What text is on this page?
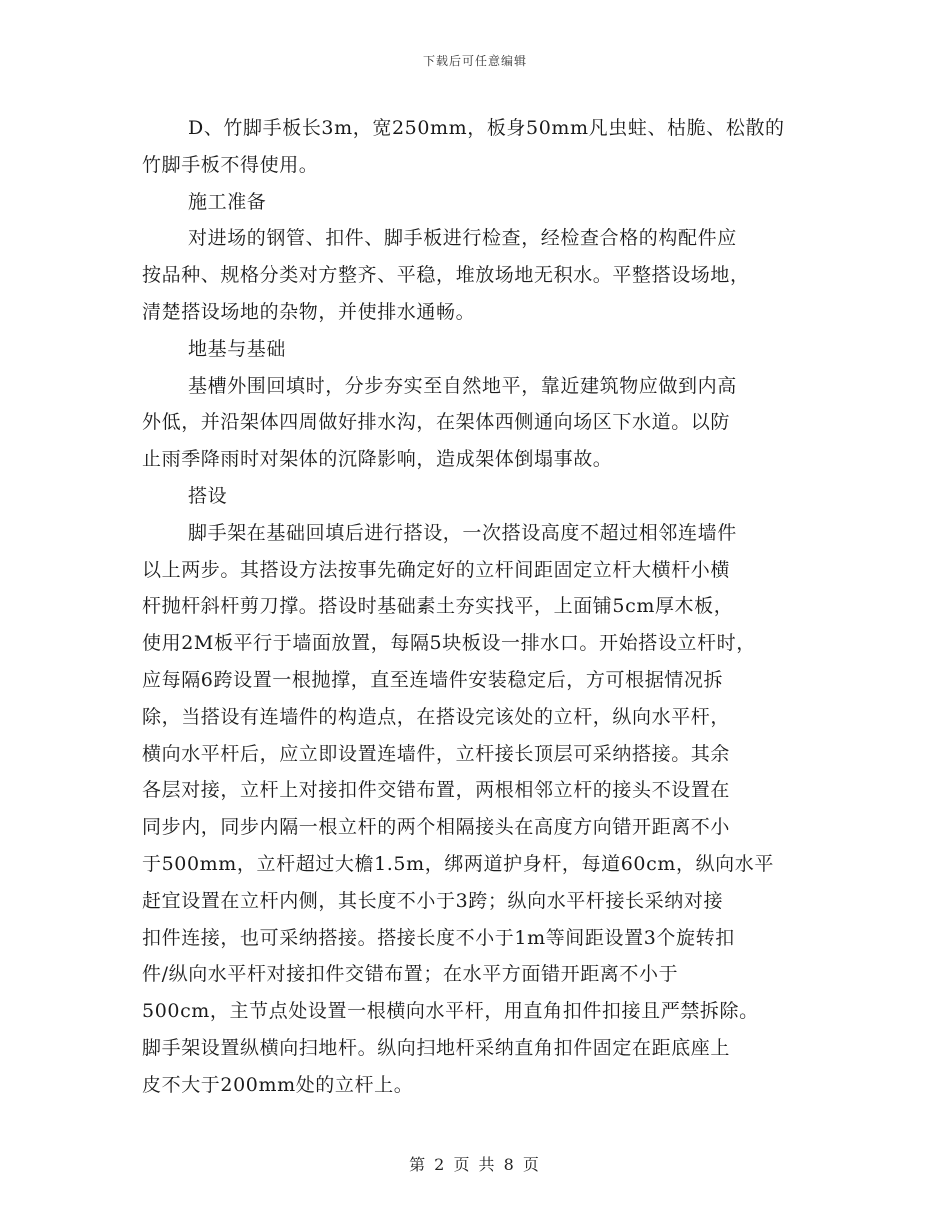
下载后可任意编辑
D、竹脚手板长3m，宽250mm，板身50mm凡虫蛀、枯脆、松散的
竹脚手板不得使用。
施工准备
对进场的钢管、扣件、脚手板进行检查，经检查合格的构配件应
按品种、规格分类对方整齐、平稳，堆放场地无积水。平整搭设场地，
清楚搭设场地的杂物，并使排水通畅。
地基与基础
基槽外围回填时，分步夯实至自然地平，靠近建筑物应做到内高
外低，并沿架体四周做好排水沟，在架体西侧通向场区下水道。以防
止雨季降雨时对架体的沉降影响，造成架体倒塌事故。
搭设
脚手架在基础回填后进行搭设，一次搭设高度不超过相邻连墙件
以上两步。其搭设方法按事先确定好的立杆间距固定立杆大横杆小横
杆抛杆斜杆剪刀撑。搭设时基础素土夯实找平，上面铺5cm厚木板，
使用2M板平行于墙面放置，每隔5块板设一排水口。开始搭设立杆时，
应每隔6跨设置一根抛撑，直至连墙件安装稳定后，方可根据情况拆
除，当搭设有连墙件的构造点，在搭设完该处的立杆，纵向水平杆，
横向水平杆后，应立即设置连墙件，立杆接长顶层可采纳搭接。其余
各层对接，立杆上对接扣件交错布置，两根相邻立杆的接头不设置在
同步内，同步内隔一根立杆的两个相隔接头在高度方向错开距离不小
于500mm，立杆超过大檐1.5m，绑两道护身杆，每道60cm，纵向水平
赶宜设置在立杆内侧，其长度不小于3跨；纵向水平杆接长采纳对接
扣件连接，也可采纳搭接。搭接长度不小于1m等间距设置3个旋转扣
件/纵向水平杆对接扣件交错布置；在水平方面错开距离不小于
500cm，主节点处设置一根横向水平杆，用直角扣件扣接且严禁拆除。
脚手架设置纵横向扫地杆。纵向扫地杆采纳直角扣件固定在距底座上
皮不大于200mm处的立杆上。
第 2 页 共 8 页
